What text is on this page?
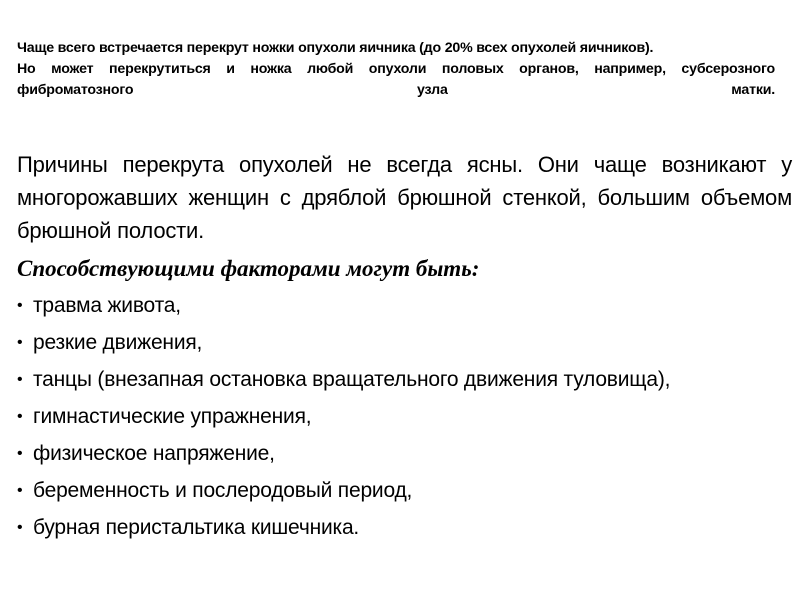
Чаще всего встречается перекрут ножки опухоли яичника (до 20% всех опухолей яичников).

Но может перекрутиться и ножка любой опухоли половых органов, например, субсерозного

фиброматозного	узла	матки.

Причины перекрута опухолей не всегда ясны. Они чаще возникают у многорожавших женщин с дряблой брюшной стенкой, большим объемом брюшной полости.

Способствующими факторами могут быть:

• травма живота,
• резкие движения,
• танцы (внезапная остановка вращательного движения туловища),
• гимнастические упражнения,
• физическое напряжение,
• беременность и послеродовый период,
• бурная перистальтика кишечника.
